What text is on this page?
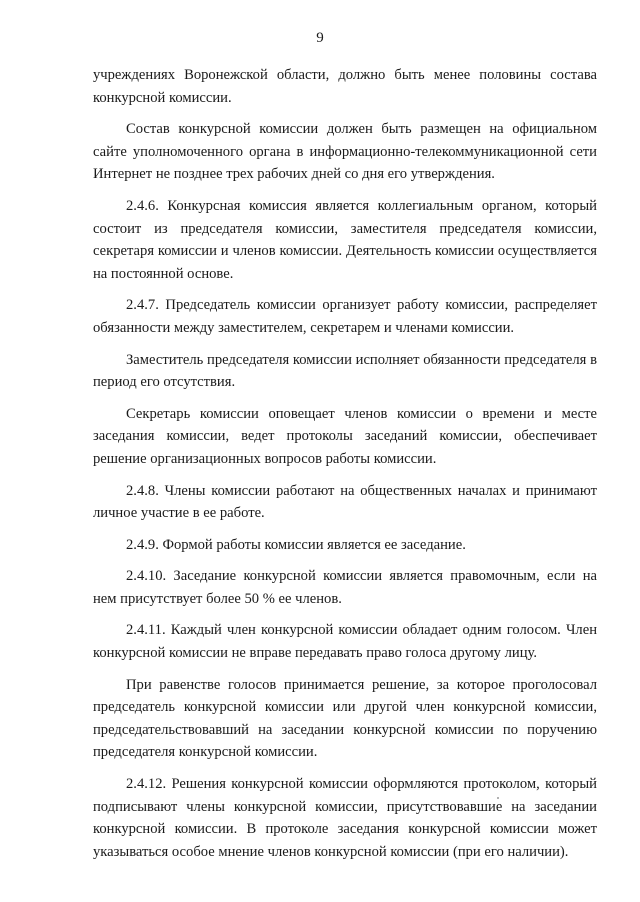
9

учреждениях Воронежской области, должно быть менее половины состава конкурсной комиссии.

Состав конкурсной комиссии должен быть размещен на официальном сайте уполномоченного органа в информационно-телекоммуникационной сети Интернет не позднее трех рабочих дней со дня его утверждения.

2.4.6. Конкурсная комиссия является коллегиальным органом, который состоит из председателя комиссии, заместителя председателя комиссии, секретаря комиссии и членов комиссии. Деятельность комиссии осуществляется на постоянной основе.

2.4.7. Председатель комиссии организует работу комиссии, распределяет обязанности между заместителем, секретарем и членами комиссии.

Заместитель председателя комиссии исполняет обязанности председателя в период его отсутствия.

Секретарь комиссии оповещает членов комиссии о времени и месте заседания комиссии, ведет протоколы заседаний комиссии, обеспечивает решение организационных вопросов работы комиссии.

2.4.8. Члены комиссии работают на общественных началах и принимают личное участие в ее работе.

2.4.9. Формой работы комиссии является ее заседание.

2.4.10. Заседание конкурсной комиссии является правомочным, если на нем присутствует более 50 % ее членов.

2.4.11. Каждый член конкурсной комиссии обладает одним голосом. Член конкурсной комиссии не вправе передавать право голоса другому лицу.

При равенстве голосов принимается решение, за которое проголосовал председатель конкурсной комиссии или другой член конкурсной комиссии, председательствовавший на заседании конкурсной комиссии по поручению председателя конкурсной комиссии.

2.4.12. Решения конкурсной комиссии оформляются протоколом, который подписывают члены конкурсной комиссии, присутствовавшие на заседании конкурсной комиссии. В протоколе заседания конкурсной комиссии может указываться особое мнение членов конкурсной комиссии (при его наличии).
